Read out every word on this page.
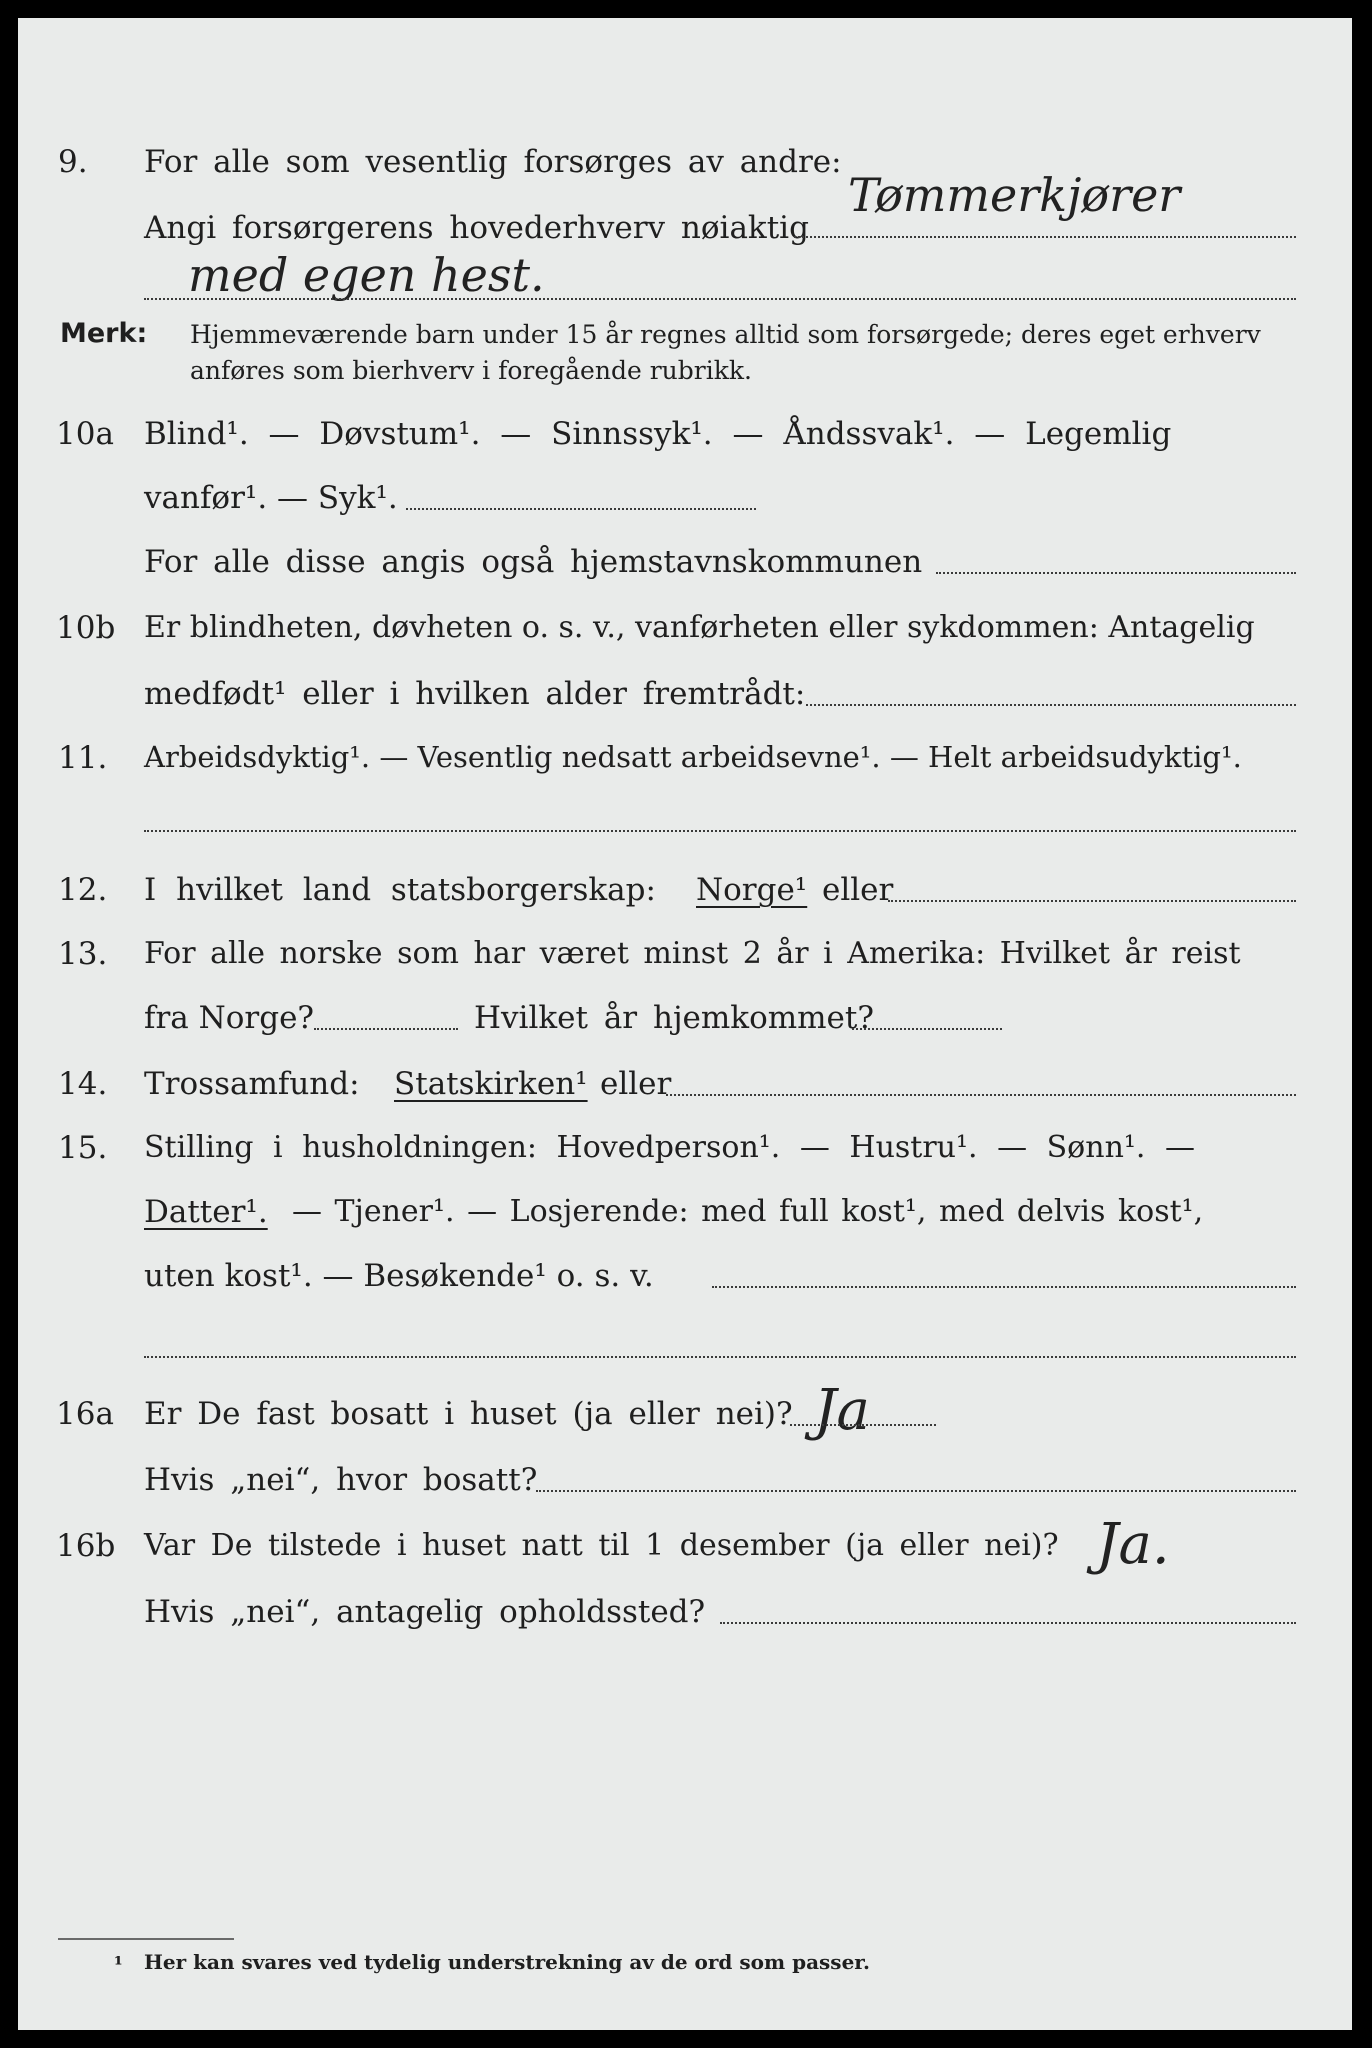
9. For alle som vesentlig forsørges av andre:
Tømmerkjører
Angi forsørgerens hovederhverv nøiaktig
med egen hest.
Merk: Hjemmeværende barn under 15 år regnes alltid som forsørgede; deres eget erhverv
anføres som bierhverv i foregående rubrikk.
10a Blind¹. — Døvstum¹. — Sinnssyk¹. — Åndssvak¹. — Legemlig
vanfør¹. — Syk¹.
For alle disse angis også hjemstavnskommunen
10b Er blindheten, døvheten o. s. v., vanførheten eller sykdommen: Antagelig
medfødt¹ eller i hvilken alder fremtrådt:
11. Arbeidsdyktig¹. — Vesentlig nedsatt arbeidsevne¹. — Helt arbeidsudyktig¹.
12. I hvilket land statsborgerskap: Norge¹ eller
13. For alle norske som har været minst 2 år i Amerika: Hvilket år reist
fra Norge?	Hvilket år hjemkommet?
14. Trossamfund: Statskirken¹ eller
15. Stilling i husholdningen: Hovedperson¹. — Hustru¹. — Sønn¹. —
Datter¹. — Tjener¹. — Losjerende: med full kost¹, med delvis kost¹,
uten kost¹. — Besøkende¹ o. s. v.
16a Er De fast bosatt i huset (ja eller nei)? Ja
Hvis „nei“, hvor bosatt?
16b Var De tilstede i huset natt til 1 desember (ja eller nei)? Ja.
Hvis „nei“, antagelig opholdssted?
¹ Her kan svares ved tydelig understrekning av de ord som passer.
